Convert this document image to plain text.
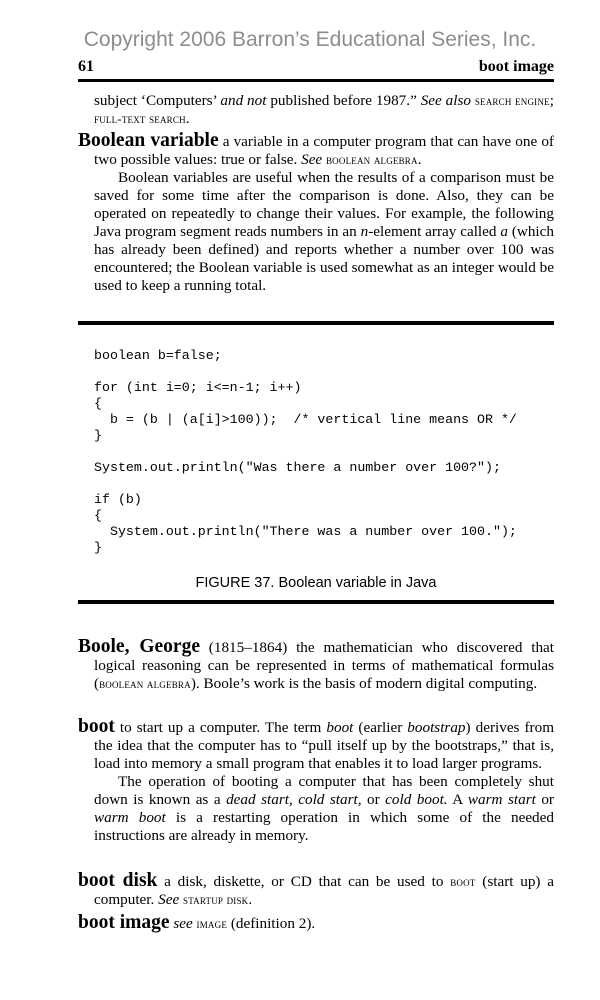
Copyright 2006 Barron’s Educational Series, Inc.
61	boot image

subject ‘Computers’ and not published before 1987.” See also search engine; full-text search.

Boolean variable a variable in a computer program that can have one of two possible values: true or false. See boolean algebra.

Boolean variables are useful when the results of a comparison must be saved for some time after the comparison is done. Also, they can be operated on repeatedly to change their values. For example, the following Java program segment reads numbers in an n-element array called a (which has already been defined) and reports whether a number over 100 was encountered; the Boolean variable is used somewhat as an integer would be used to keep a running total.

boolean b=false;

for (int i=0; i<=n-1; i++)
{
b = (b | (a[i]>100));  /* vertical line means OR */
}

System.out.println("Was there a number over 100?");

if (b)
{
System.out.println("There was a number over 100.");
}
FIGURE 37. Boolean variable in Java

Boole, George (1815–1864) the mathematician who discovered that logical reasoning can be represented in terms of mathematical formulas (boolean algebra). Boole’s work is the basis of modern digital computing.

boot to start up a computer. The term boot (earlier bootstrap) derives from the idea that the computer has to “pull itself up by the bootstraps,” that is, load into memory a small program that enables it to load larger programs.

The operation of booting a computer that has been completely shut down is known as a dead start, cold start, or cold boot. A warm start or warm boot is a restarting operation in which some of the needed instructions are already in memory.

boot disk a disk, diskette, or CD that can be used to boot (start up) a computer. See startup disk.

boot image see image (definition 2).
